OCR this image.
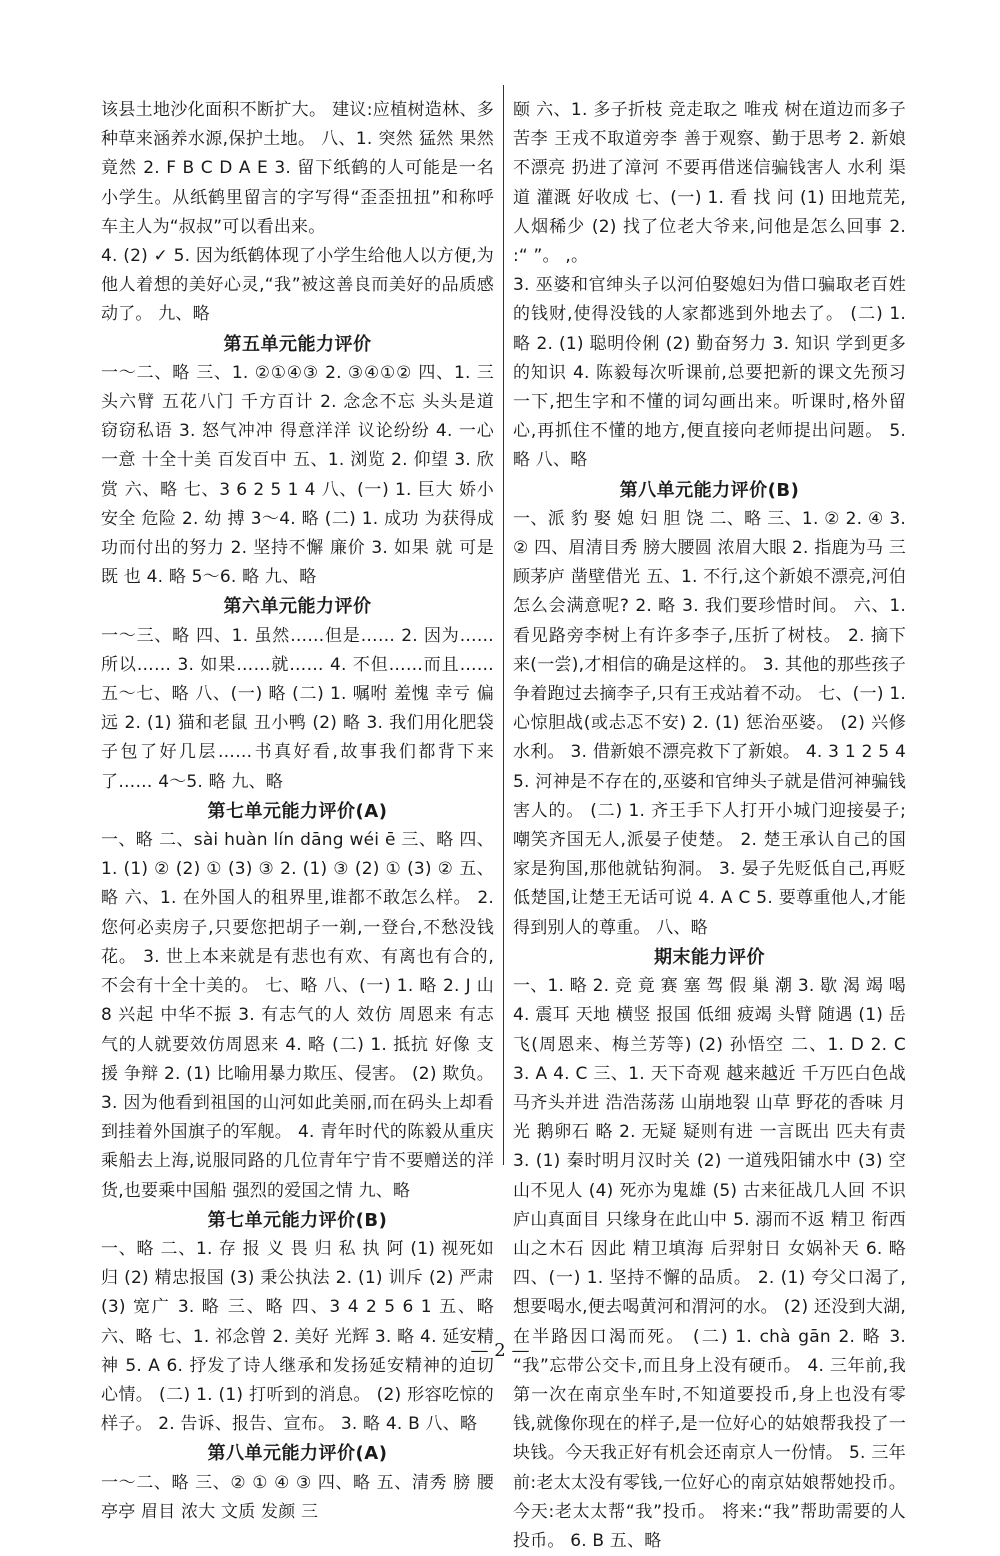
该县土地沙化面积不断扩大。 建议:应植树造林、多种草来涵养水源,保护土地。 八、1. 突然 猛然 果然 竟然 2. F B C D A E 3. 留下纸鹤的人可能是一名小学生。从纸鹤里留言的字写得“歪歪扭扭”和称呼车主人为“叔叔”可以看出来。

4. (2) ✓ 5. 因为纸鹤体现了小学生给他人以方便,为他人着想的美好心灵,“我”被这善良而美好的品质感动了。 九、略

第五单元能力评价

一～二、略 三、1. ②①④③ 2. ③④①② 四、1. 三头六臂 五花八门 千方百计 2. 念念不忘 头头是道 窃窃私语 3. 怒气冲冲 得意洋洋 议论纷纷 4. 一心一意 十全十美 百发百中 五、1. 浏览 2. 仰望 3. 欣赏 六、略 七、3 6 2 5 1 4 八、(一) 1. 巨大 娇小 安全 危险 2. 幼 搏 3～4. 略 (二) 1. 成功 为获得成功而付出的努力 2. 坚持不懈 廉价 3. 如果 就 可是 既 也 4. 略 5～6. 略 九、略

第六单元能力评价

一～三、略 四、1. 虽然……但是…… 2. 因为……所以…… 3. 如果……就…… 4. 不但……而且…… 五～七、略 八、(一) 略 (二) 1. 嘱咐 羞愧 幸亏 偏远 2. (1) 猫和老鼠 丑小鸭 (2) 略 3. 我们用化肥袋子包了好几层……书真好看,故事我们都背下来了…… 4～5. 略 九、略

第七单元能力评价(A)

一、略 二、sài huàn lín dāng wéi ē 三、略 四、1. (1) ② (2) ① (3) ③ 2. (1) ③ (2) ① (3) ② 五、略 六、1. 在外国人的租界里,谁都不敢怎么样。 2. 您何必卖房子,只要您把胡子一剃,一登台,不愁没钱花。 3. 世上本来就是有悲也有欢、有离也有合的,不会有十全十美的。 七、略 八、(一) 1. 略 2. J 山 8 兴起 中华不振 3. 有志气的人 效仿 周恩来 有志气的人就要效仿周恩来 4. 略 (二) 1. 抵抗 好像 支援 争辩 2. (1) 比喻用暴力欺压、侵害。 (2) 欺负。 3. 因为他看到祖国的山河如此美丽,而在码头上却看到挂着外国旗子的军舰。 4. 青年时代的陈毅从重庆乘船去上海,说服同路的几位青年宁肯不要赠送的洋货,也要乘中国船 强烈的爱国之情 九、略

第七单元能力评价(B)

一、略 二、1. 存 报 义 畏 归 私 执 阿 (1) 视死如归 (2) 精忠报国 (3) 秉公执法 2. (1) 训斥 (2) 严肃 (3) 宽广 3. 略 三、略 四、3 4 2 5 6 1 五、略 六、略 七、1. 祁念曾 2. 美好 光辉 3. 略 4. 延安精神 5. A 6. 抒发了诗人继承和发扬延安精神的迫切心情。 (二) 1. (1) 打听到的消息。 (2) 形容吃惊的样子。 2. 告诉、报告、宣布。 3. 略 4. B 八、略

第八单元能力评价(A)

一～二、略 三、② ① ④ ③ 四、略 五、清秀 膀 腰 亭亭 眉目 浓大 文质 发颜 三

颐 六、1. 多子折枝 竞走取之 唯戎 树在道边而多子 苦李 王戎不取道旁李 善于观察、勤于思考 2. 新娘不漂亮 扔进了漳河 不要再借迷信骗钱害人 水利 渠道 灌溉 好收成 七、(一) 1. 看 找 问 (1) 田地荒芜,人烟稀少 (2) 找了位老大爷来,问他是怎么回事 2. :“ ”。 ,。

3. 巫婆和官绅头子以河伯娶媳妇为借口骗取老百姓的钱财,使得没钱的人家都逃到外地去了。 (二) 1. 略 2. (1) 聪明伶俐 (2) 勤奋努力 3. 知识 学到更多的知识 4. 陈毅每次听课前,总要把新的课文先预习一下,把生字和不懂的词勾画出来。听课时,格外留心,再抓住不懂的地方,便直接向老师提出问题。 5. 略 八、略

第八单元能力评价(B)

一、派 豹 娶 媳 妇 胆 饶 二、略 三、1. ② 2. ④ 3. ② 四、眉清目秀 膀大腰圆 浓眉大眼 2. 指鹿为马 三顾茅庐 凿壁借光 五、1. 不行,这个新娘不漂亮,河伯怎么会满意呢? 2. 略 3. 我们要珍惜时间。 六、1. 看见路旁李树上有许多李子,压折了树枝。 2. 摘下来(一尝),才相信的确是这样的。 3. 其他的那些孩子争着跑过去摘李子,只有王戎站着不动。 七、(一) 1. 心惊胆战(或忐忑不安) 2. (1) 惩治巫婆。 (2) 兴修水利。 3. 借新娘不漂亮救下了新娘。 4. 3 1 2 5 4 5. 河神是不存在的,巫婆和官绅头子就是借河神骗钱害人的。 (二) 1. 齐王手下人打开小城门迎接晏子;嘲笑齐国无人,派晏子使楚。 2. 楚王承认自己的国家是狗国,那他就钻狗洞。 3. 晏子先贬低自己,再贬低楚国,让楚王无话可说 4. A C 5. 要尊重他人,才能得到别人的尊重。 八、略

期末能力评价

一、1. 略 2. 竞 竟 赛 塞 驾 假 巢 潮 3. 歇 渴 竭 喝 4. 震耳 天地 横竖 报国 低细 疲竭 头臂 随遇 (1) 岳飞(周恩来、梅兰芳等) (2) 孙悟空 二、1. D 2. C 3. A 4. C 三、1. 天下奇观 越来越近 千万匹白色战马齐头并进 浩浩荡荡 山崩地裂 山草 野花的香味 月光 鹅卵石 略 2. 无疑 疑则有进 一言既出 匹夫有责 3. (1) 秦时明月汉时关 (2) 一道残阳铺水中 (3) 空山不见人 (4) 死亦为鬼雄 (5) 古来征战几人回 不识庐山真面目 只缘身在此山中 5. 溺而不返 精卫 衔西山之木石 因此 精卫填海 后羿射日 女娲补天 6. 略 四、(一) 1. 坚持不懈的品质。 2. (1) 夸父口渴了,想要喝水,便去喝黄河和渭河的水。 (2) 还没到大湖,在半路因口渴而死。 (二) 1. chà gān 2. 略 3. “我”忘带公交卡,而且身上没有硬币。 4. 三年前,我第一次在南京坐车时,不知道要投币,身上也没有零钱,就像你现在的样子,是一位好心的姑娘帮我投了一块钱。今天我正好有机会还南京人一份情。 5. 三年前:老太太没有零钱,一位好心的南京姑娘帮她投币。 今天:老太太帮“我”投币。 将来:“我”帮助需要的人投币。 6. B 五、略

— 2 —
